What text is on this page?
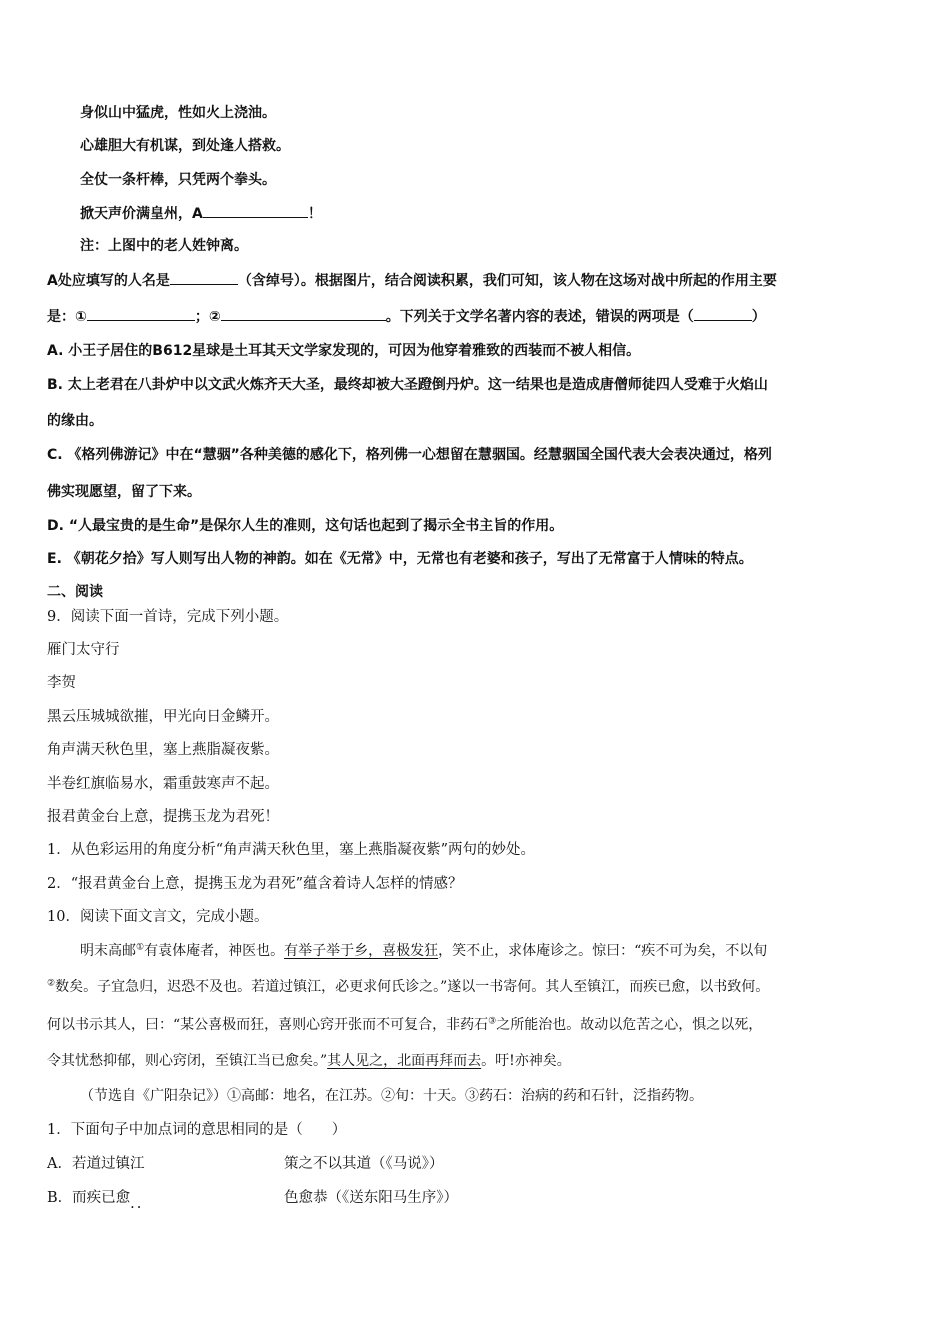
身似山中猛虎，性如火上浇油。
心雄胆大有机谋，到处逢人搭救。
全仗一条杆棒，只凭两个拳头。
掀天声价满皇州，A	！
注：上图中的老人姓钟离。
A处应填写的人名是	（含绰号）。根据图片，结合阅读积累，我们可知，该人物在这场对战中所起的作用主要
是：①	；②	。下列关于文学名著内容的表述，错误的两项是（	）
A. 小王子居住的B612星球是土耳其天文学家发现的，可因为他穿着雅致的西装而不被人相信。
B. 太上老君在八卦炉中以文武火炼齐天大圣，最终却被大圣蹬倒丹炉。这一结果也是造成唐僧师徒四人受难于火焰山
的缘由。
C. 《格列佛游记》中在“慧骃”各种美德的感化下，格列佛一心想留在慧骃国。经慧骃国全国代表大会表决通过，格列
佛实现愿望，留了下来。
D. “人最宝贵的是生命”是保尔人生的准则，这句话也起到了揭示全书主旨的作用。
E. 《朝花夕拾》写人则写出人物的神韵。如在《无常》中，无常也有老婆和孩子，写出了无常富于人情味的特点。
二、阅读
9．阅读下面一首诗，完成下列小题。
雁门太守行
李贺
黑云压城城欲摧，甲光向日金鳞开。
角声满天秋色里，塞上燕脂凝夜紫。
半卷红旗临易水，霜重鼓寒声不起。
报君黄金台上意，提携玉龙为君死！
1．从色彩运用的角度分析“角声满天秋色里，塞上燕脂凝夜紫”两句的妙处。
2．“报君黄金台上意，提携玉龙为君死”蕴含着诗人怎样的情感？
10．阅读下面文言文，完成小题。
明末高邮①有袁体庵者，神医也。有举子举于乡，喜极发狂，笑不止，求体庵诊之。惊曰：“疾不可为矣，不以旬
②数矣。子宜急归，迟恐不及也。若道过镇江，必更求何氏诊之。”遂以一书寄何。其人至镇江，而疾已愈，以书致何。
何以书示其人，曰：“某公喜极而狂，喜则心窍开张而不可复合，非药石③之所能治也。故动以危苦之心，惧之以死，
令其忧愁抑郁，则心窍闭，至镇江当已愈矣。”其人见之，北面再拜而去。吁!亦神矣。
（节选自《广阳杂记》）①高邮：地名，在江苏。②旬：十天。③药石：治病的药和石针，泛指药物。
1．下面句子中加点词的意思相同的是（　　）
A．若道过镇江	策之不以其道（《马说》）
B．而疾已愈..	色愈恭（《送东阳马生序》）
